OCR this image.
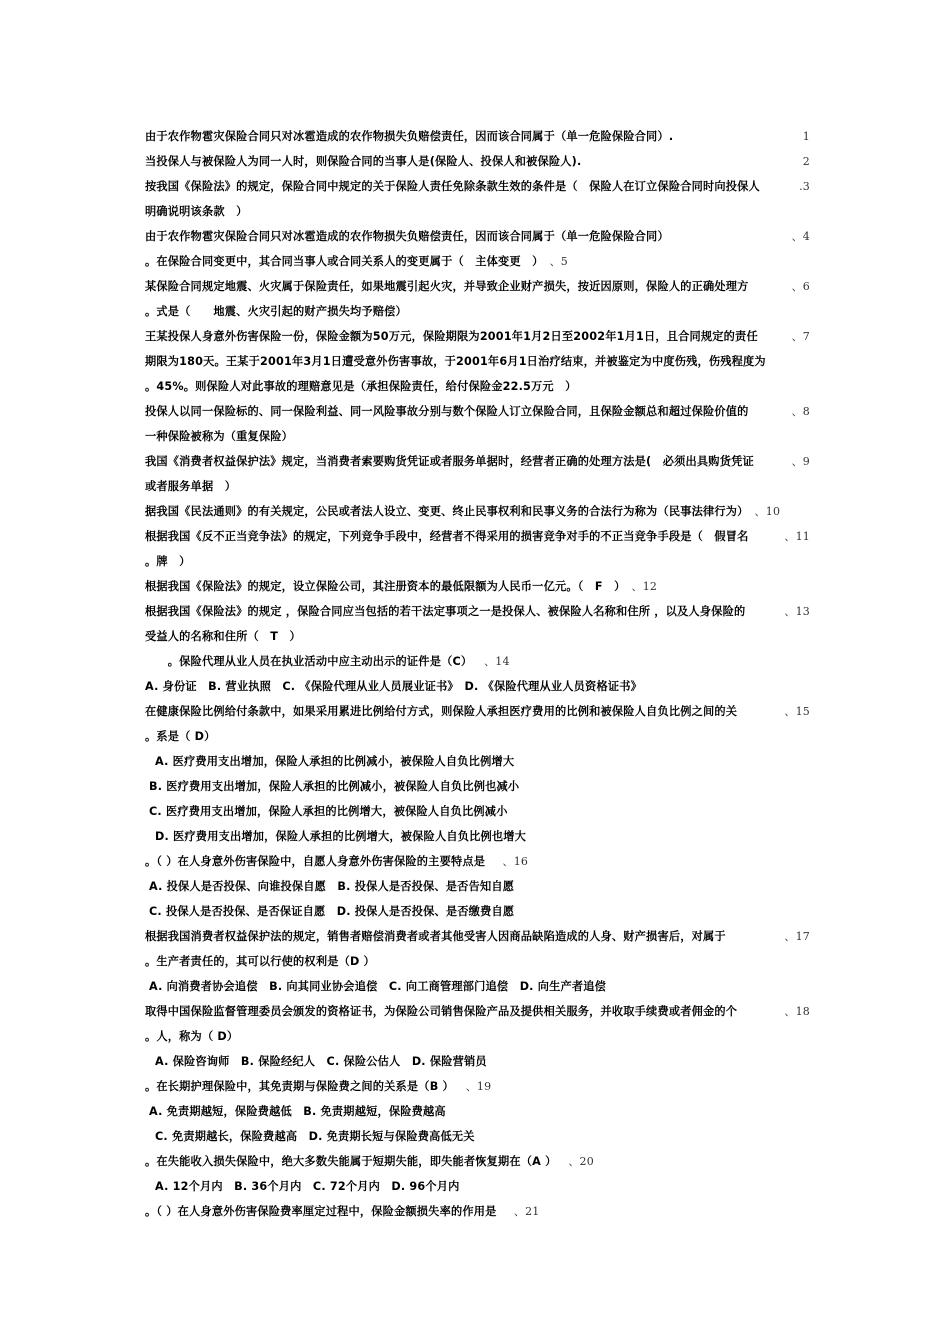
由于农作物雹灾保险合同只对冰雹造成的农作物损失负赔偿责任，因而该合同属于（单一危险保险合同）.	1
当投保人与被保险人为同一人时，则保险合同的当事人是(保险人、投保人和被保险人).	2
按我国《保险法》的规定，保险合同中规定的关于保险人责任免除条款生效的条件是（　保险人在订立保险合同时向投保人	.3
明确说明该条款　）
由于农作物雹灾保险合同只对冰雹造成的农作物损失负赔偿责任，因而该合同属于（单一危险保险合同）	、4
。在保险合同变更中，其合同当事人或合同关系人的变更属于（　主体变更　） 、5
某保险合同规定地震、火灾属于保险责任，如果地震引起火灾，并导致企业财产损失，按近因原则，保险人的正确处理方	、6
。式是（　　地震、火灾引起的财产损失均予赔偿）
王某投保人身意外伤害保险一份，保险金额为50万元，保险期限为2001年1月2日至2002年1月1日，且合同规定的责任	、7
期限为180天。王某于2001年3月1日遭受意外伤害事故，于2001年6月1日治疗结束，并被鉴定为中度伤残，伤残程度为
。45%。则保险人对此事故的理赔意见是（承担保险责任，给付保险金22.5万元　）
投保人以同一保险标的、同一保险利益、同一风险事故分别与数个保险人订立保险合同，且保险金额总和超过保险价值的	、8
一种保险被称为（重复保险）
我国《消费者权益保护法》规定，当消费者索要购货凭证或者服务单据时，经营者正确的处理方法是(　必须出具购货凭证	、9
或者服务单据　）
据我国《民法通则》的有关规定，公民或者法人设立、变更、终止民事权利和民事义务的合法行为称为（民事法律行为） 、10
根据我国《反不正当竞争法》的规定，下列竞争手段中，经营者不得采用的损害竞争对手的不正当竞争手段是（　假冒名	、11
。牌　）
根据我国《保险法》的规定，设立保险公司，其注册资本的最低限额为人民币一亿元。（　F　） 、12
根据我国《保险法》的规定 ，保险合同应当包括的若干法定事项之一是投保人、被保险人名称和住所 ，以及人身保险的	、13
受益人的名称和住所（　T　）
　　。保险代理从业人员在执业活动中应主动出示的证件是（C）　、14
A. 身份证　B. 营业执照　C. 《保险代理从业人员展业证书》　D. 《保险代理从业人员资格证书》
在健康保险比例给付条款中，如果采用累进比例给付方式，则保险人承担医疗费用的比例和被保险人自负比例之间的关	、15
。系是（ D）
A. 医疗费用支出增加，保险人承担的比例减小，被保险人自负比例增大
B. 医疗费用支出增加，保险人承担的比例减小，被保险人自负比例也减小
C. 医疗费用支出增加，保险人承担的比例增大，被保险人自负比例减小
D. 医疗费用支出增加，保险人承担的比例增大，被保险人自负比例也增大
。（ ）在人身意外伤害保险中，自愿人身意外伤害保险的主要特点是　、16
A. 投保人是否投保、向谁投保自愿　B. 投保人是否投保、是否告知自愿
C. 投保人是否投保、是否保证自愿　D. 投保人是否投保、是否缴费自愿
根据我国消费者权益保护法的规定，销售者赔偿消费者或者其他受害人因商品缺陷造成的人身、财产损害后，对属于	、17
。生产者责任的，其可以行使的权利是（D ）
A. 向消费者协会追偿　B. 向其同业协会追偿　C. 向工商管理部门追偿　D. 向生产者追偿
取得中国保险监督管理委员会颁发的资格证书，为保险公司销售保险产品及提供相关服务，并收取手续费或者佣金的个	、18
。人，称为（ D）
A. 保险咨询师　B. 保险经纪人　C. 保险公估人　D. 保险营销员
。在长期护理保险中，其免责期与保险费之间的关系是（B ）　、19
A. 免责期越短，保险费越低　B. 免责期越短，保险费越高
C. 免责期越长，保险费越高　D. 免责期长短与保险费高低无关
。在失能收入损失保险中，绝大多数失能属于短期失能，即失能者恢复期在（A ）　、20
A. 12个月内　B. 36个月内　C. 72个月内　D. 96个月内
。（ ）在人身意外伤害保险费率厘定过程中，保险金额损失率的作用是　、21
